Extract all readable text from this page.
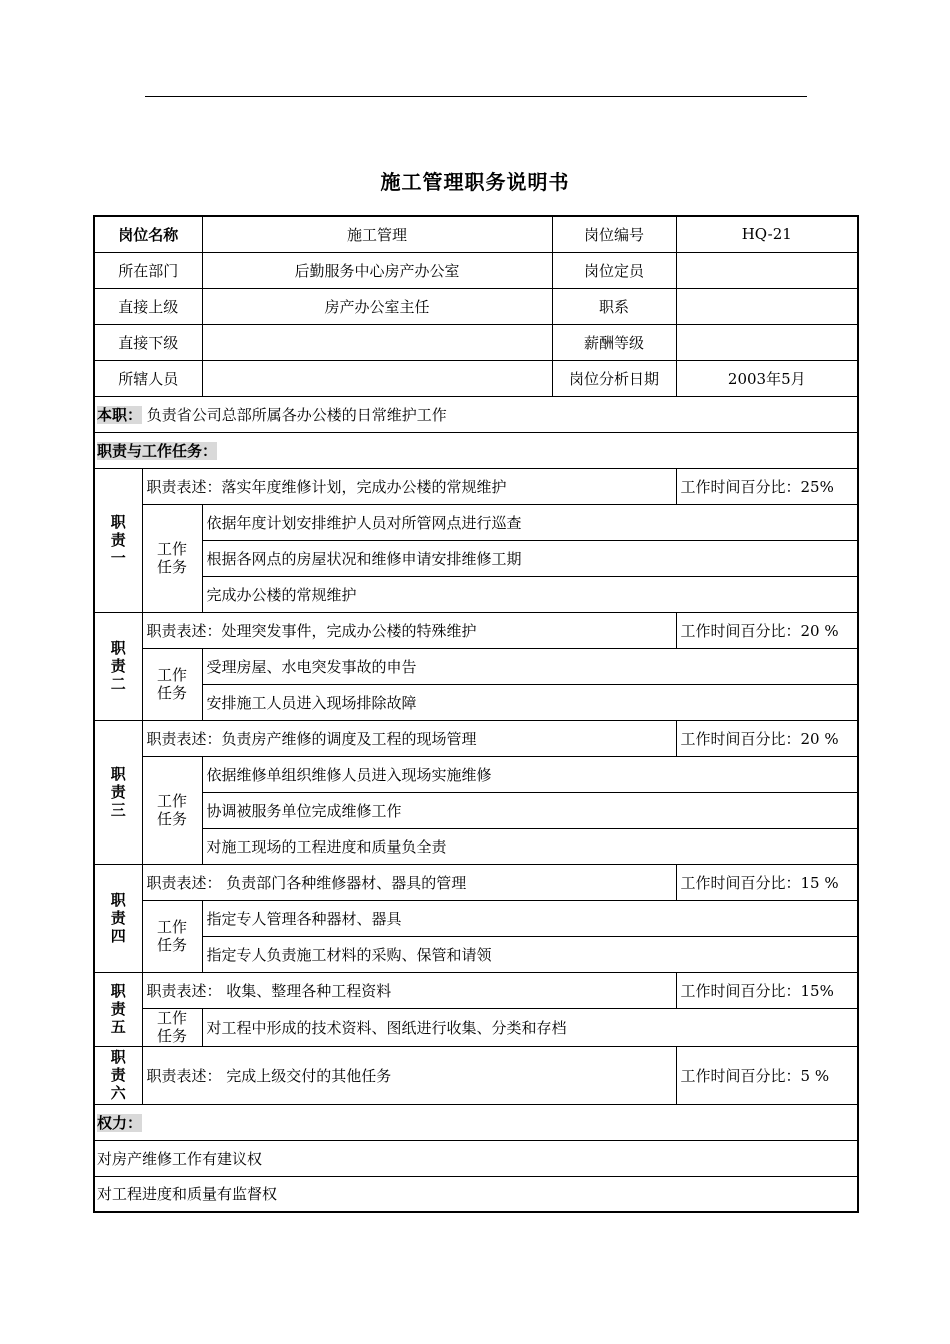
施工管理职务说明书
岗位名称		施工管理	岗位编号	HQ-21
所在部门		后勤服务中心房产办公室	岗位定员	
直接上级		房产办公室主任	职系	
直接下级			薪酬等级	
所辖人员			岗位分析日期	2003年5月
本职： 负责省公司总部所属各办公楼的日常维护工作				
职责与工作任务：				
职责一	职责表述：落实年度维修计划，完成办公楼的常规维护			工作时间百分比：25%
	工作任务	依据年度计划安排维护人员对所管网点进行巡查		
		根据各网点的房屋状况和维修申请安排维修工期		
		完成办公楼的常规维护		
职责二	职责表述：处理突发事件，完成办公楼的特殊维护			工作时间百分比：20 %
	工作任务	受理房屋、水电突发事故的申告		
		安排施工人员进入现场排除故障		
职责三	职责表述：负责房产维修的调度及工程的现场管理			工作时间百分比：20 %
	工作任务	依据维修单组织维修人员进入现场实施维修		
		协调被服务单位完成维修工作		
		对施工现场的工程进度和质量负全责		
职责四	职责表述： 负责部门各种维修器材、器具的管理			工作时间百分比：15 %
	工作任务	指定专人管理各种器材、器具		
		指定专人负责施工材料的采购、保管和请领		
职责五	职责表述： 收集、整理各种工程资料			工作时间百分比：15%
	工作任务	对工程中形成的技术资料、图纸进行收集、分类和存档		
职责六	职责表述： 完成上级交付的其他任务			工作时间百分比：5 %
权力：				
对房产维修工作有建议权				
对工程进度和质量有监督权				
